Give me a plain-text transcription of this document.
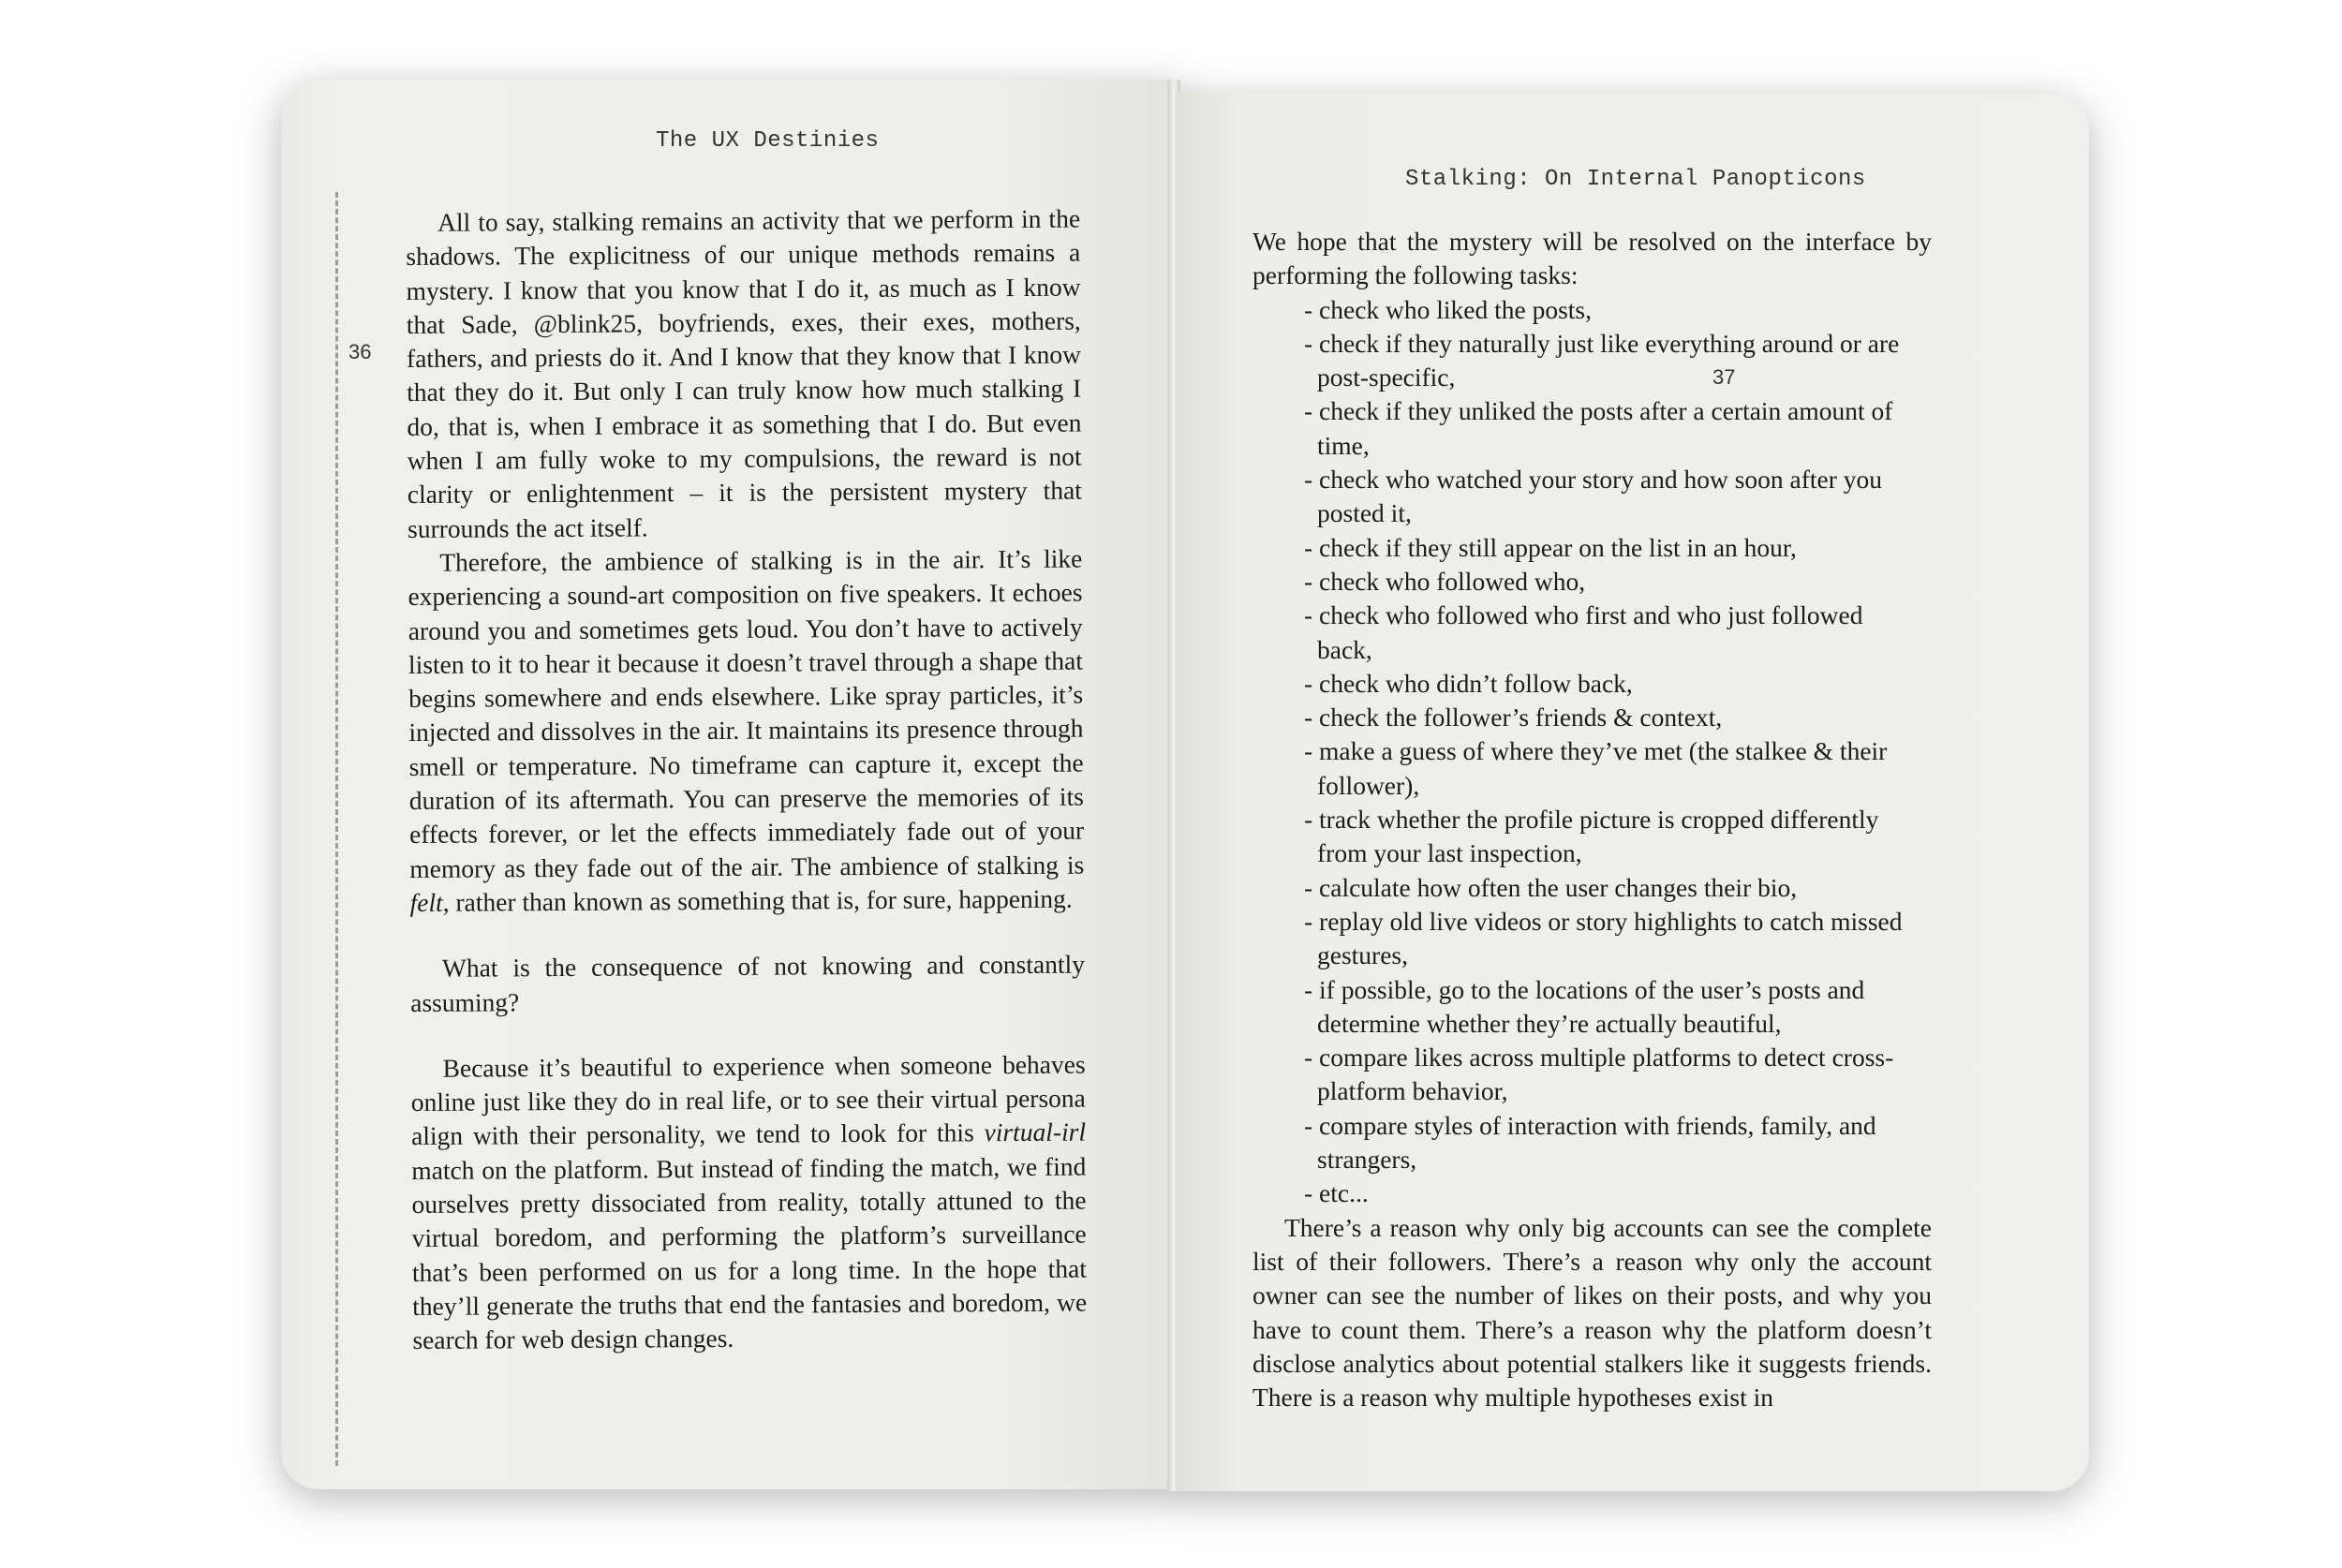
The UX Destinies
36

All to say, stalking remains an activity that we perform in the shadows. The explicitness of our unique methods remains a mystery. I know that you know that I do it, as much as I know that Sade, @blink25, boyfriends, exes, their exes, mothers, fathers, and priests do it. And I know that they know that I know that they do it. But only I can truly know how much stalking I do, that is, when I embrace it as something that I do. But even when I am fully woke to my compulsions, the reward is not clarity or enlightenment – it is the persistent mystery that surrounds the act itself.

Therefore, the ambience of stalking is in the air. It’s like experiencing a sound-art composition on five speakers. It echoes around you and sometimes gets loud. You don’t have to actively listen to it to hear it because it doesn’t travel through a shape that begins somewhere and ends elsewhere. Like spray particles, it’s injected and dissolves in the air. It maintains its presence through smell or temperature. No timeframe can capture it, except the duration of its aftermath. You can preserve the memories of its effects forever, or let the effects immediately fade out of your memory as they fade out of the air. The ambience of stalking is felt, rather than known as something that is, for sure, happening.

What is the consequence of not knowing and constantly assuming?

Because it’s beautiful to experience when someone behaves online just like they do in real life, or to see their virtual persona align with their personality, we tend to look for this virtual-irl match on the platform. But instead of finding the match, we find ourselves pretty dissociated from reality, totally attuned to the virtual boredom, and performing the platform’s surveillance that’s been performed on us for a long time. In the hope that they’ll generate the truths that end the fantasies and boredom, we search for web design changes.

Stalking: On Internal Panopticons
37

We hope that the mystery will be resolved on the interface by performing the following tasks:

- check who liked the posts,
- check if they naturally just like everything around or are post-specific,
- check if they unliked the posts after a certain amount of time,
- check who watched your story and how soon after you posted it,
- check if they still appear on the list in an hour,
- check who followed who,
- check who followed who first and who just followed back,
- check who didn’t follow back,
- check the follower’s friends & context,
- make a guess of where they’ve met (the stalkee & their follower),
- track whether the profile picture is cropped differently from your last inspection,
- calculate how often the user changes their bio,
- replay old live videos or story highlights to catch missed gestures,
- if possible, go to the locations of the user’s posts and determine whether they’re actually beautiful,
- compare likes across multiple platforms to detect cross-platform behavior,
- compare styles of interaction with friends, family, and strangers,
- etc...

There’s a reason why only big accounts can see the complete list of their followers. There’s a reason why only the account owner can see the number of likes on their posts, and why you have to count them. There’s a reason why the platform doesn’t disclose analytics about potential stalkers like it suggests friends. There is a reason why multiple hypotheses exist in
